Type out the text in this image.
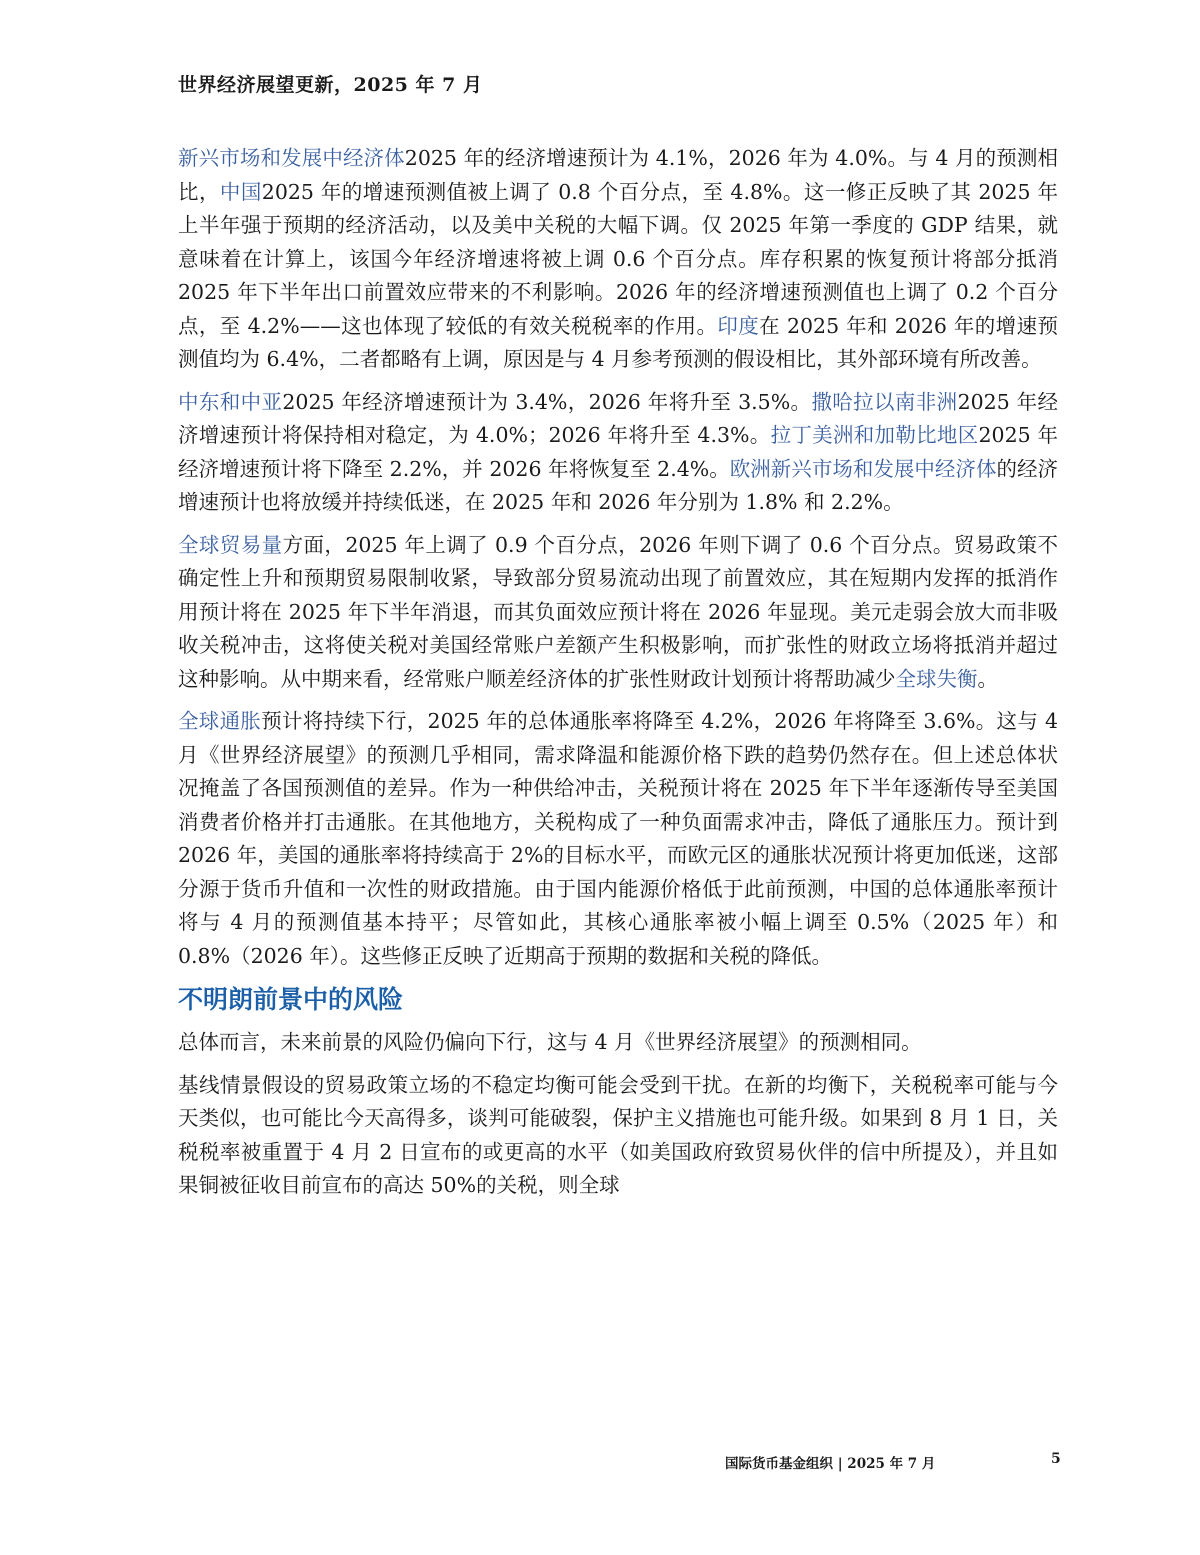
世界经济展望更新，2025 年 7 月

新兴市场和发展中经济体2025 年的经济增速预计为 4.1%，2026 年为 4.0%。与 4 月的预测相比，中国2025 年的增速预测值被上调了 0.8 个百分点，至 4.8%。这一修正反映了其 2025 年上半年强于预期的经济活动，以及美中关税的大幅下调。仅 2025 年第一季度的 GDP 结果，就意味着在计算上，该国今年经济增速将被上调 0.6 个百分点。库存积累的恢复预计将部分抵消 2025 年下半年出口前置效应带来的不利影响。2026 年的经济增速预测值也上调了 0.2 个百分点，至 4.2%——这也体现了较低的有效关税税率的作用。印度在 2025 年和 2026 年的增速预测值均为 6.4%，二者都略有上调，原因是与 4 月参考预测的假设相比，其外部环境有所改善。

中东和中亚2025 年经济增速预计为 3.4%，2026 年将升至 3.5%。撒哈拉以南非洲2025 年经济增速预计将保持相对稳定，为 4.0%；2026 年将升至 4.3%。拉丁美洲和加勒比地区2025 年经济增速预计将下降至 2.2%，并 2026 年将恢复至 2.4%。欧洲新兴市场和发展中经济体的经济增速预计也将放缓并持续低迷，在 2025 年和 2026 年分别为 1.8% 和 2.2%。

全球贸易量方面，2025 年上调了 0.9 个百分点，2026 年则下调了 0.6 个百分点。贸易政策不确定性上升和预期贸易限制收紧，导致部分贸易流动出现了前置效应，其在短期内发挥的抵消作用预计将在 2025 年下半年消退，而其负面效应预计将在 2026 年显现。美元走弱会放大而非吸收关税冲击，这将使关税对美国经常账户差额产生积极影响，而扩张性的财政立场将抵消并超过这种影响。从中期来看，经常账户顺差经济体的扩张性财政计划预计将帮助减少全球失衡。

全球通胀预计将持续下行，2025 年的总体通胀率将降至 4.2%，2026 年将降至 3.6%。这与 4 月《世界经济展望》的预测几乎相同，需求降温和能源价格下跌的趋势仍然存在。但上述总体状况掩盖了各国预测值的差异。作为一种供给冲击，关税预计将在 2025 年下半年逐渐传导至美国消费者价格并打击通胀。在其他地方，关税构成了一种负面需求冲击，降低了通胀压力。预计到 2026 年，美国的通胀率将持续高于 2%的目标水平，而欧元区的通胀状况预计将更加低迷，这部分源于货币升值和一次性的财政措施。由于国内能源价格低于此前预测，中国的总体通胀率预计将与 4 月的预测值基本持平；尽管如此，其核心通胀率被小幅上调至 0.5%（2025 年）和 0.8%（2026 年）。这些修正反映了近期高于预期的数据和关税的降低。

不明朗前景中的风险

总体而言，未来前景的风险仍偏向下行，这与 4 月《世界经济展望》的预测相同。

基线情景假设的贸易政策立场的不稳定均衡可能会受到干扰。在新的均衡下，关税税率可能与今天类似，也可能比今天高得多，谈判可能破裂，保护主义措施也可能升级。如果到 8 月 1 日，关税税率被重置于 4 月 2 日宣布的或更高的水平（如美国政府致贸易伙伴的信中所提及），并且如果铜被征收目前宣布的高达 50%的关税，则全球

国际货币基金组织 | 2025 年 7 月	5
